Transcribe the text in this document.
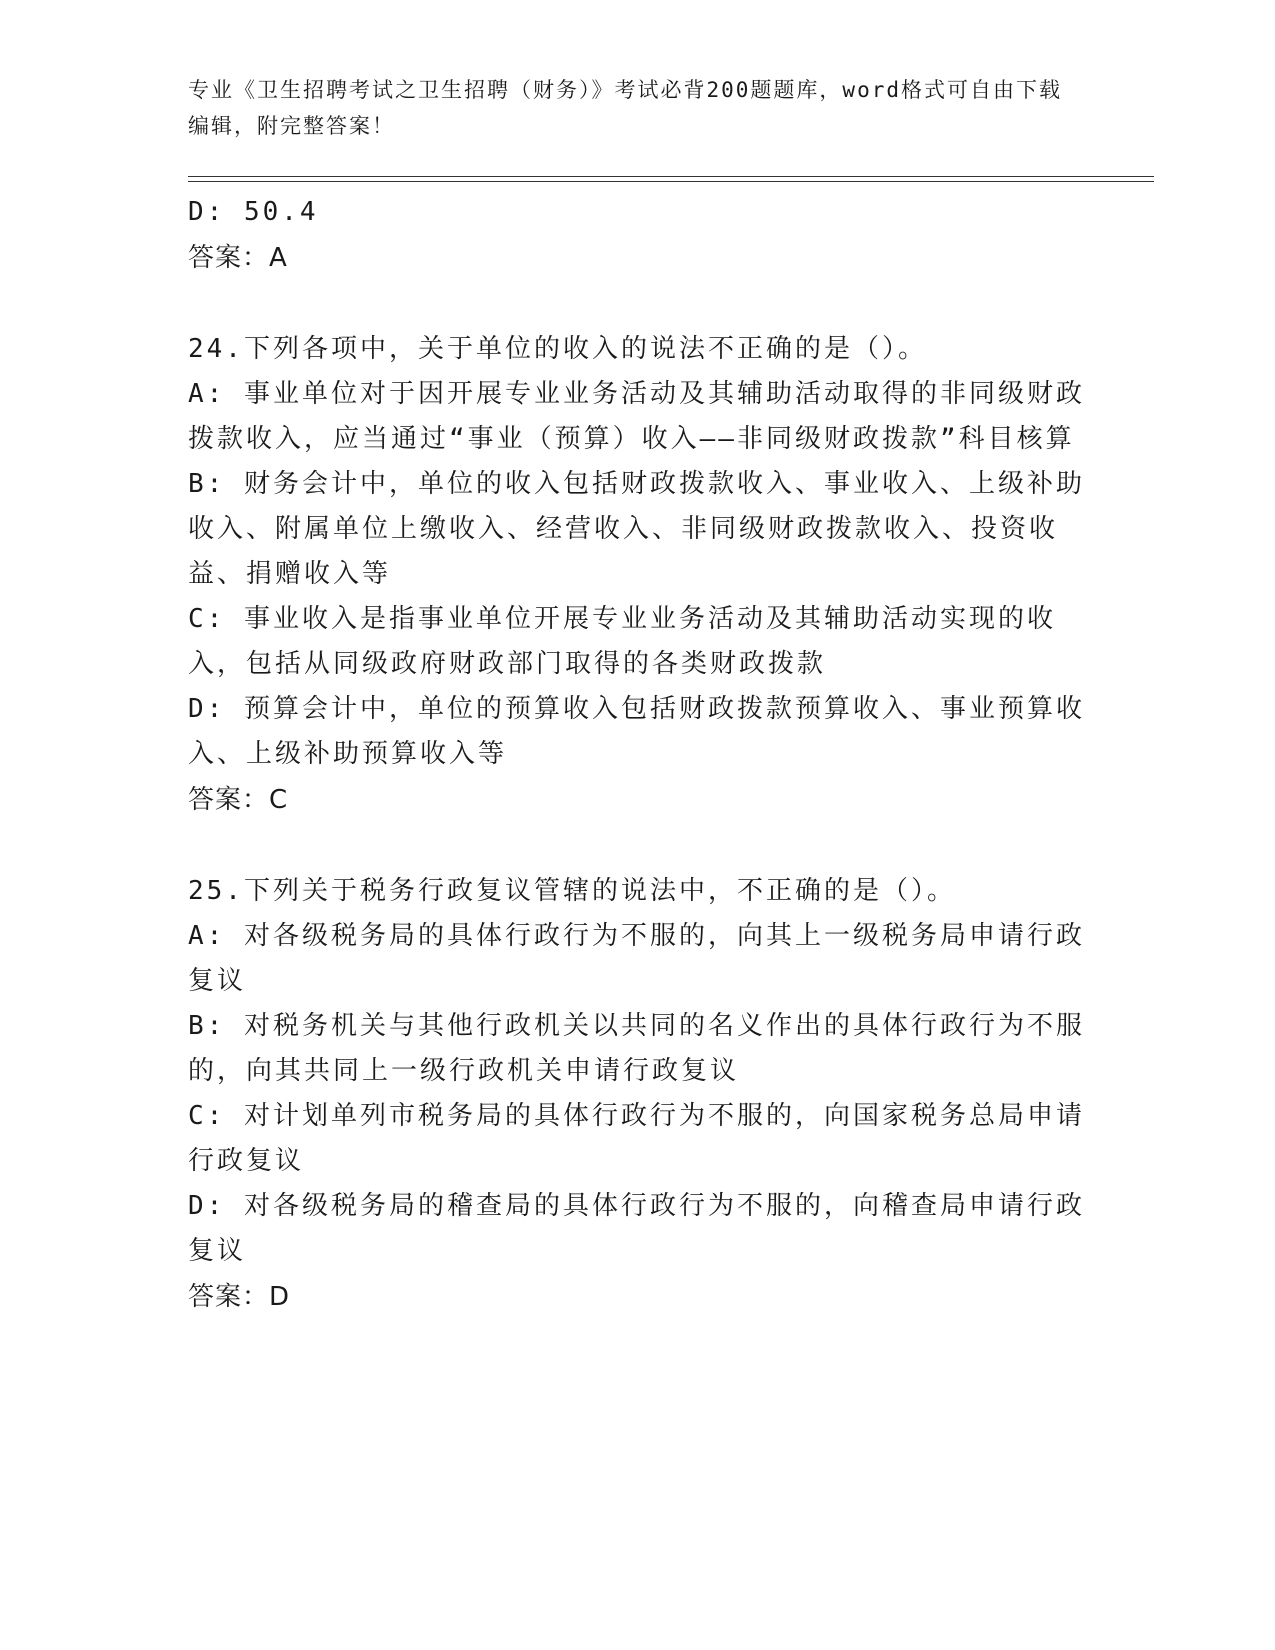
专业《卫生招聘考试之卫生招聘（财务）》考试必背200题题库，word格式可自由下载编辑，附完整答案！
D: 50.4
答案：A
24.下列各项中，关于单位的收入的说法不正确的是（）。
A: 事业单位对于因开展专业业务活动及其辅助活动取得的非同级财政拨款收入，应当通过“事业（预算）收入——非同级财政拨款”科目核算
B: 财务会计中，单位的收入包括财政拨款收入、事业收入、上级补助收入、附属单位上缴收入、经营收入、非同级财政拨款收入、投资收益、捐赠收入等
C: 事业收入是指事业单位开展专业业务活动及其辅助活动实现的收入，包括从同级政府财政部门取得的各类财政拨款
D: 预算会计中，单位的预算收入包括财政拨款预算收入、事业预算收入、上级补助预算收入等
答案：C
25.下列关于税务行政复议管辖的说法中，不正确的是（）。
A: 对各级税务局的具体行政行为不服的，向其上一级税务局申请行政复议
B: 对税务机关与其他行政机关以共同的名义作出的具体行政行为不服的，向其共同上一级行政机关申请行政复议
C: 对计划单列市税务局的具体行政行为不服的，向国家税务总局申请行政复议
D: 对各级税务局的稽查局的具体行政行为不服的，向稽查局申请行政复议
答案：D
